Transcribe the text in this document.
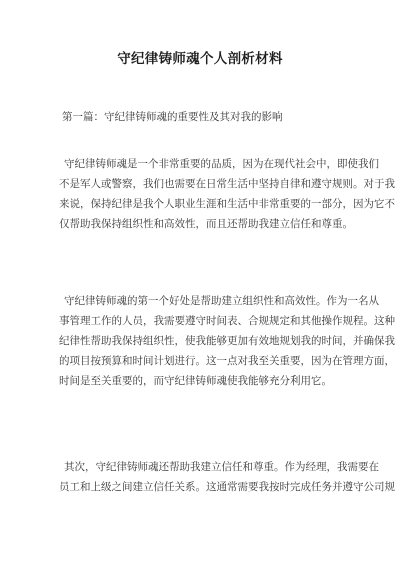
守纪律铸师魂个人剖析材料
第一篇：守纪律铸师魂的重要性及其对我的影响

守纪律铸师魂是一个非常重要的品质，因为在现代社会中，即使我们
不是军人或警察，我们也需要在日常生活中坚持自律和遵守规则。对于我
来说，保持纪律是我个人职业生涯和生活中非常重要的一部分，因为它不
仅帮助我保持组织性和高效性，而且还帮助我建立信任和尊重。

守纪律铸师魂的第一个好处是帮助建立组织性和高效性。作为一名从
事管理工作的人员，我需要遵守时间表、合规规定和其他操作规程。这种
纪律性帮助我保持组织性，使我能够更加有效地规划我的时间，并确保我
的项目按预算和时间计划进行。这一点对我至关重要，因为在管理方面，
时间是至关重要的，而守纪律铸师魂使我能够充分利用它。

其次，守纪律铸师魂还帮助我建立信任和尊重。作为经理，我需要在
员工和上级之间建立信任关系。这通常需要我按时完成任务并遵守公司规
